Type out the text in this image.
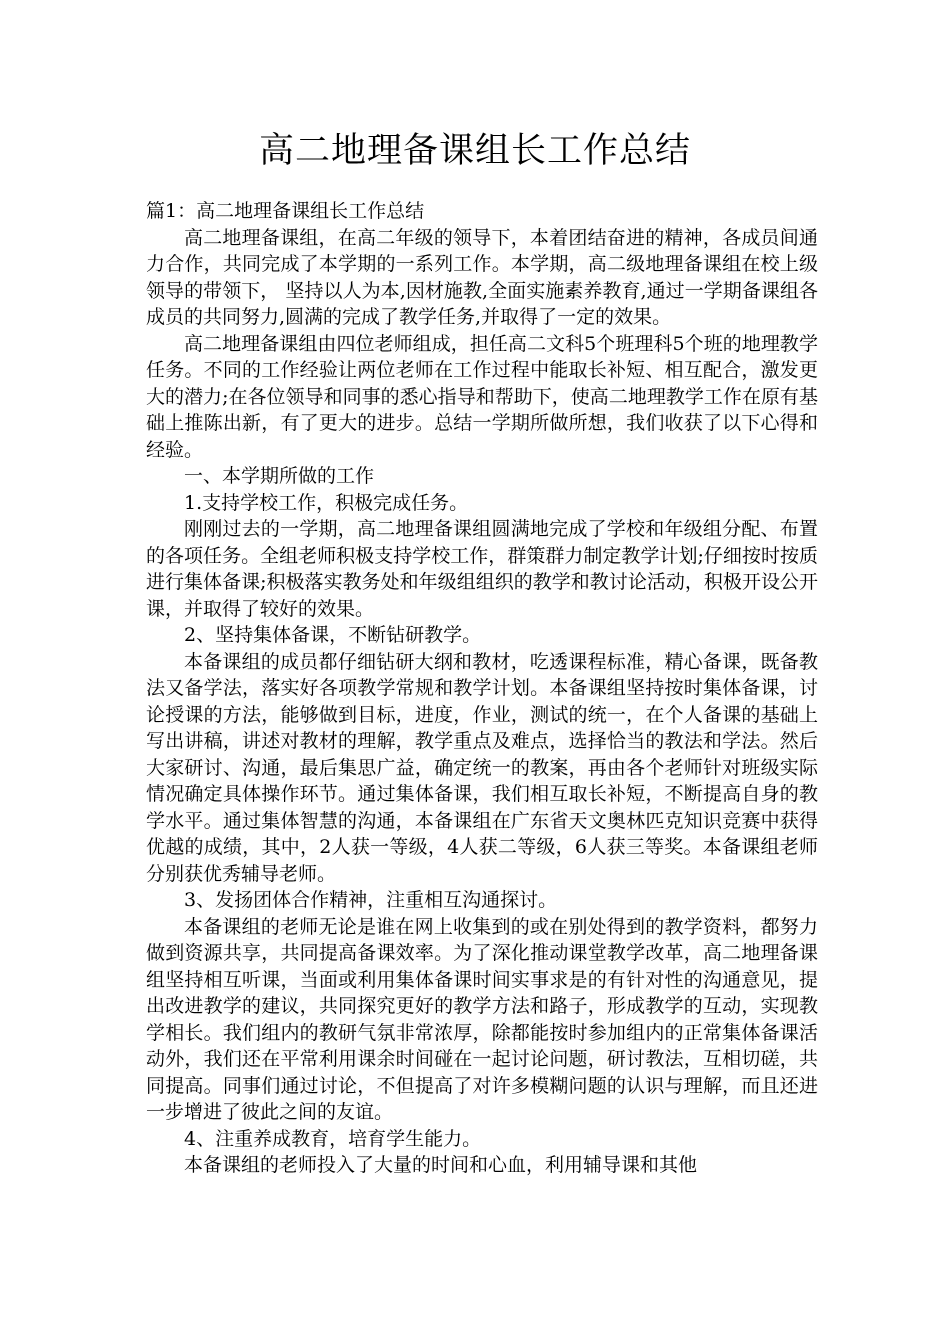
高二地理备课组长工作总结

篇1：高二地理备课组长工作总结

高二地理备课组，在高二年级的领导下，本着团结奋进的精神，各成员间通力合作，共同完成了本学期的一系列工作。本学期，高二级地理备课组在校上级领导的带领下， 坚持以人为本,因材施教,全面实施素养教育,通过一学期备课组各成员的共同努力,圆满的完成了教学任务,并取得了一定的效果。

高二地理备课组由四位老师组成，担任高二文科5个班理科5个班的地理教学任务。不同的工作经验让两位老师在工作过程中能取长补短、相互配合，激发更大的潜力;在各位领导和同事的悉心指导和帮助下，使高二地理教学工作在原有基础上推陈出新，有了更大的进步。总结一学期所做所想，我们收获了以下心得和经验。

一、本学期所做的工作

1.支持学校工作，积极完成任务。

刚刚过去的一学期，高二地理备课组圆满地完成了学校和年级组分配、布置的各项任务。全组老师积极支持学校工作，群策群力制定教学计划;仔细按时按质进行集体备课;积极落实教务处和年级组组织的教学和教讨论活动，积极开设公开课，并取得了较好的效果。

2、坚持集体备课，不断钻研教学。

本备课组的成员都仔细钻研大纲和教材，吃透课程标准，精心备课，既备教法又备学法，落实好各项教学常规和教学计划。本备课组坚持按时集体备课，讨论授课的方法，能够做到目标，进度，作业，测试的统一，在个人备课的基础上写出讲稿，讲述对教材的理解，教学重点及难点，选择恰当的教法和学法。然后大家研讨、沟通，最后集思广益，确定统一的教案，再由各个老师针对班级实际情况确定具体操作环节。通过集体备课，我们相互取长补短，不断提高自身的教学水平。通过集体智慧的沟通，本备课组在广东省天文奥林匹克知识竞赛中获得优越的成绩，其中，2人获一等级，4人获二等级，6人获三等奖。本备课组老师分别获优秀辅导老师。

3、发扬团体合作精神，注重相互沟通探讨。

本备课组的老师无论是谁在网上收集到的或在别处得到的教学资料，都努力做到资源共享，共同提高备课效率。为了深化推动课堂教学改革，高二地理备课组坚持相互听课，当面或利用集体备课时间实事求是的有针对性的沟通意见，提出改进教学的建议，共同探究更好的教学方法和路子，形成教学的互动，实现教学相长。我们组内的教研气氛非常浓厚，除都能按时参加组内的正常集体备课活动外，我们还在平常利用课余时间碰在一起讨论问题，研讨教法，互相切磋，共同提高。同事们通过讨论，不但提高了对许多模糊问题的认识与理解，而且还进一步增进了彼此之间的友谊。

4、注重养成教育，培育学生能力。

本备课组的老师投入了大量的时间和心血，利用辅导课和其他
